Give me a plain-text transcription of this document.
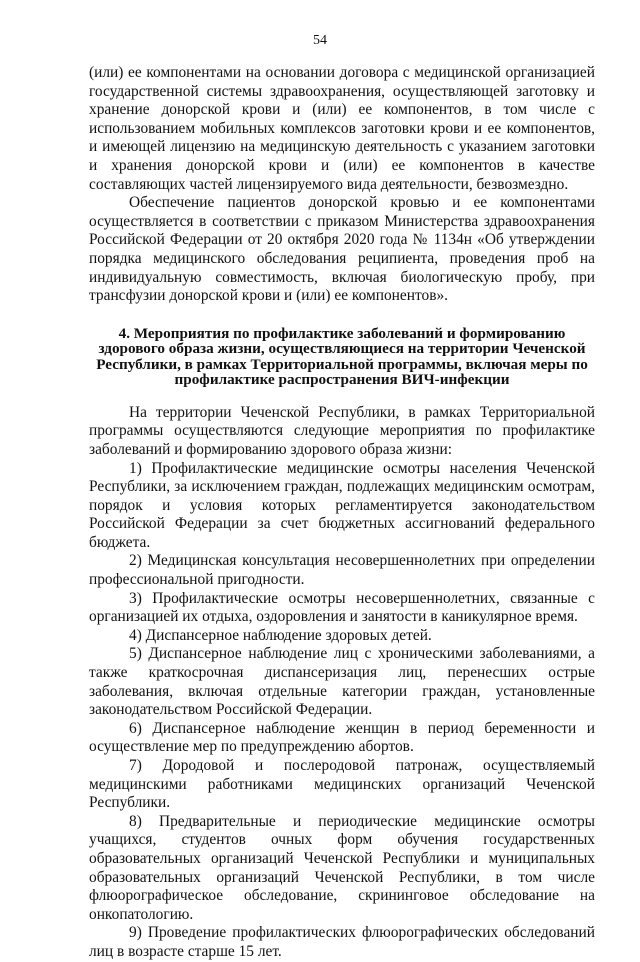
54

(или) ее компонентами на основании договора с медицинской организацией государственной системы здравоохранения, осуществляющей заготовку и хранение донорской крови и (или) ее компонентов, в том числе с использованием мобильных комплексов заготовки крови и ее компонентов, и имеющей лицензию на медицинскую деятельность с указанием заготовки и хранения донорской крови и (или) ее компонентов в качестве составляющих частей лицензируемого вида деятельности, безвозмездно.

Обеспечение пациентов донорской кровью и ее компонентами осуществляется в соответствии с приказом Министерства здравоохранения Российской Федерации от 20 октября 2020 года № 1134н «Об утверждении порядка медицинского обследования реципиента, проведения проб на индивидуальную совместимость, включая биологическую пробу, при трансфузии донорской крови и (или) ее компонентов».

4. Мероприятия по профилактике заболеваний и формированию здорового образа жизни, осуществляющиеся на территории Чеченской Республики, в рамках Территориальной программы, включая меры по профилактике распространения ВИЧ-инфекции

На территории Чеченской Республики, в рамках Территориальной программы осуществляются следующие мероприятия по профилактике заболеваний и формированию здорового образа жизни:

1) Профилактические медицинские осмотры населения Чеченской Республики, за исключением граждан, подлежащих медицинским осмотрам, порядок и условия которых регламентируется законодательством Российской Федерации за счет бюджетных ассигнований федерального бюджета.

2) Медицинская консультация несовершеннолетних при определении профессиональной пригодности.

3) Профилактические осмотры несовершеннолетних, связанные с организацией их отдыха, оздоровления и занятости в каникулярное время.

4) Диспансерное наблюдение здоровых детей.

5) Диспансерное наблюдение лиц с хроническими заболеваниями, а также краткосрочная диспансеризация лиц, перенесших острые заболевания, включая отдельные категории граждан, установленные законодательством Российской Федерации.

6) Диспансерное наблюдение женщин в период беременности и осуществление мер по предупреждению абортов.

7) Дородовой и послеродовой патронаж, осуществляемый медицинскими работниками медицинских организаций Чеченской Республики.

8) Предварительные и периодические медицинские осмотры учащихся, студентов очных форм обучения государственных образовательных организаций Чеченской Республики и муниципальных образовательных организаций Чеченской Республики, в том числе флюорографическое обследование, скрининговое обследование на онкопатологию.

9) Проведение профилактических флюорографических обследований лиц в возрасте старше 15 лет.
